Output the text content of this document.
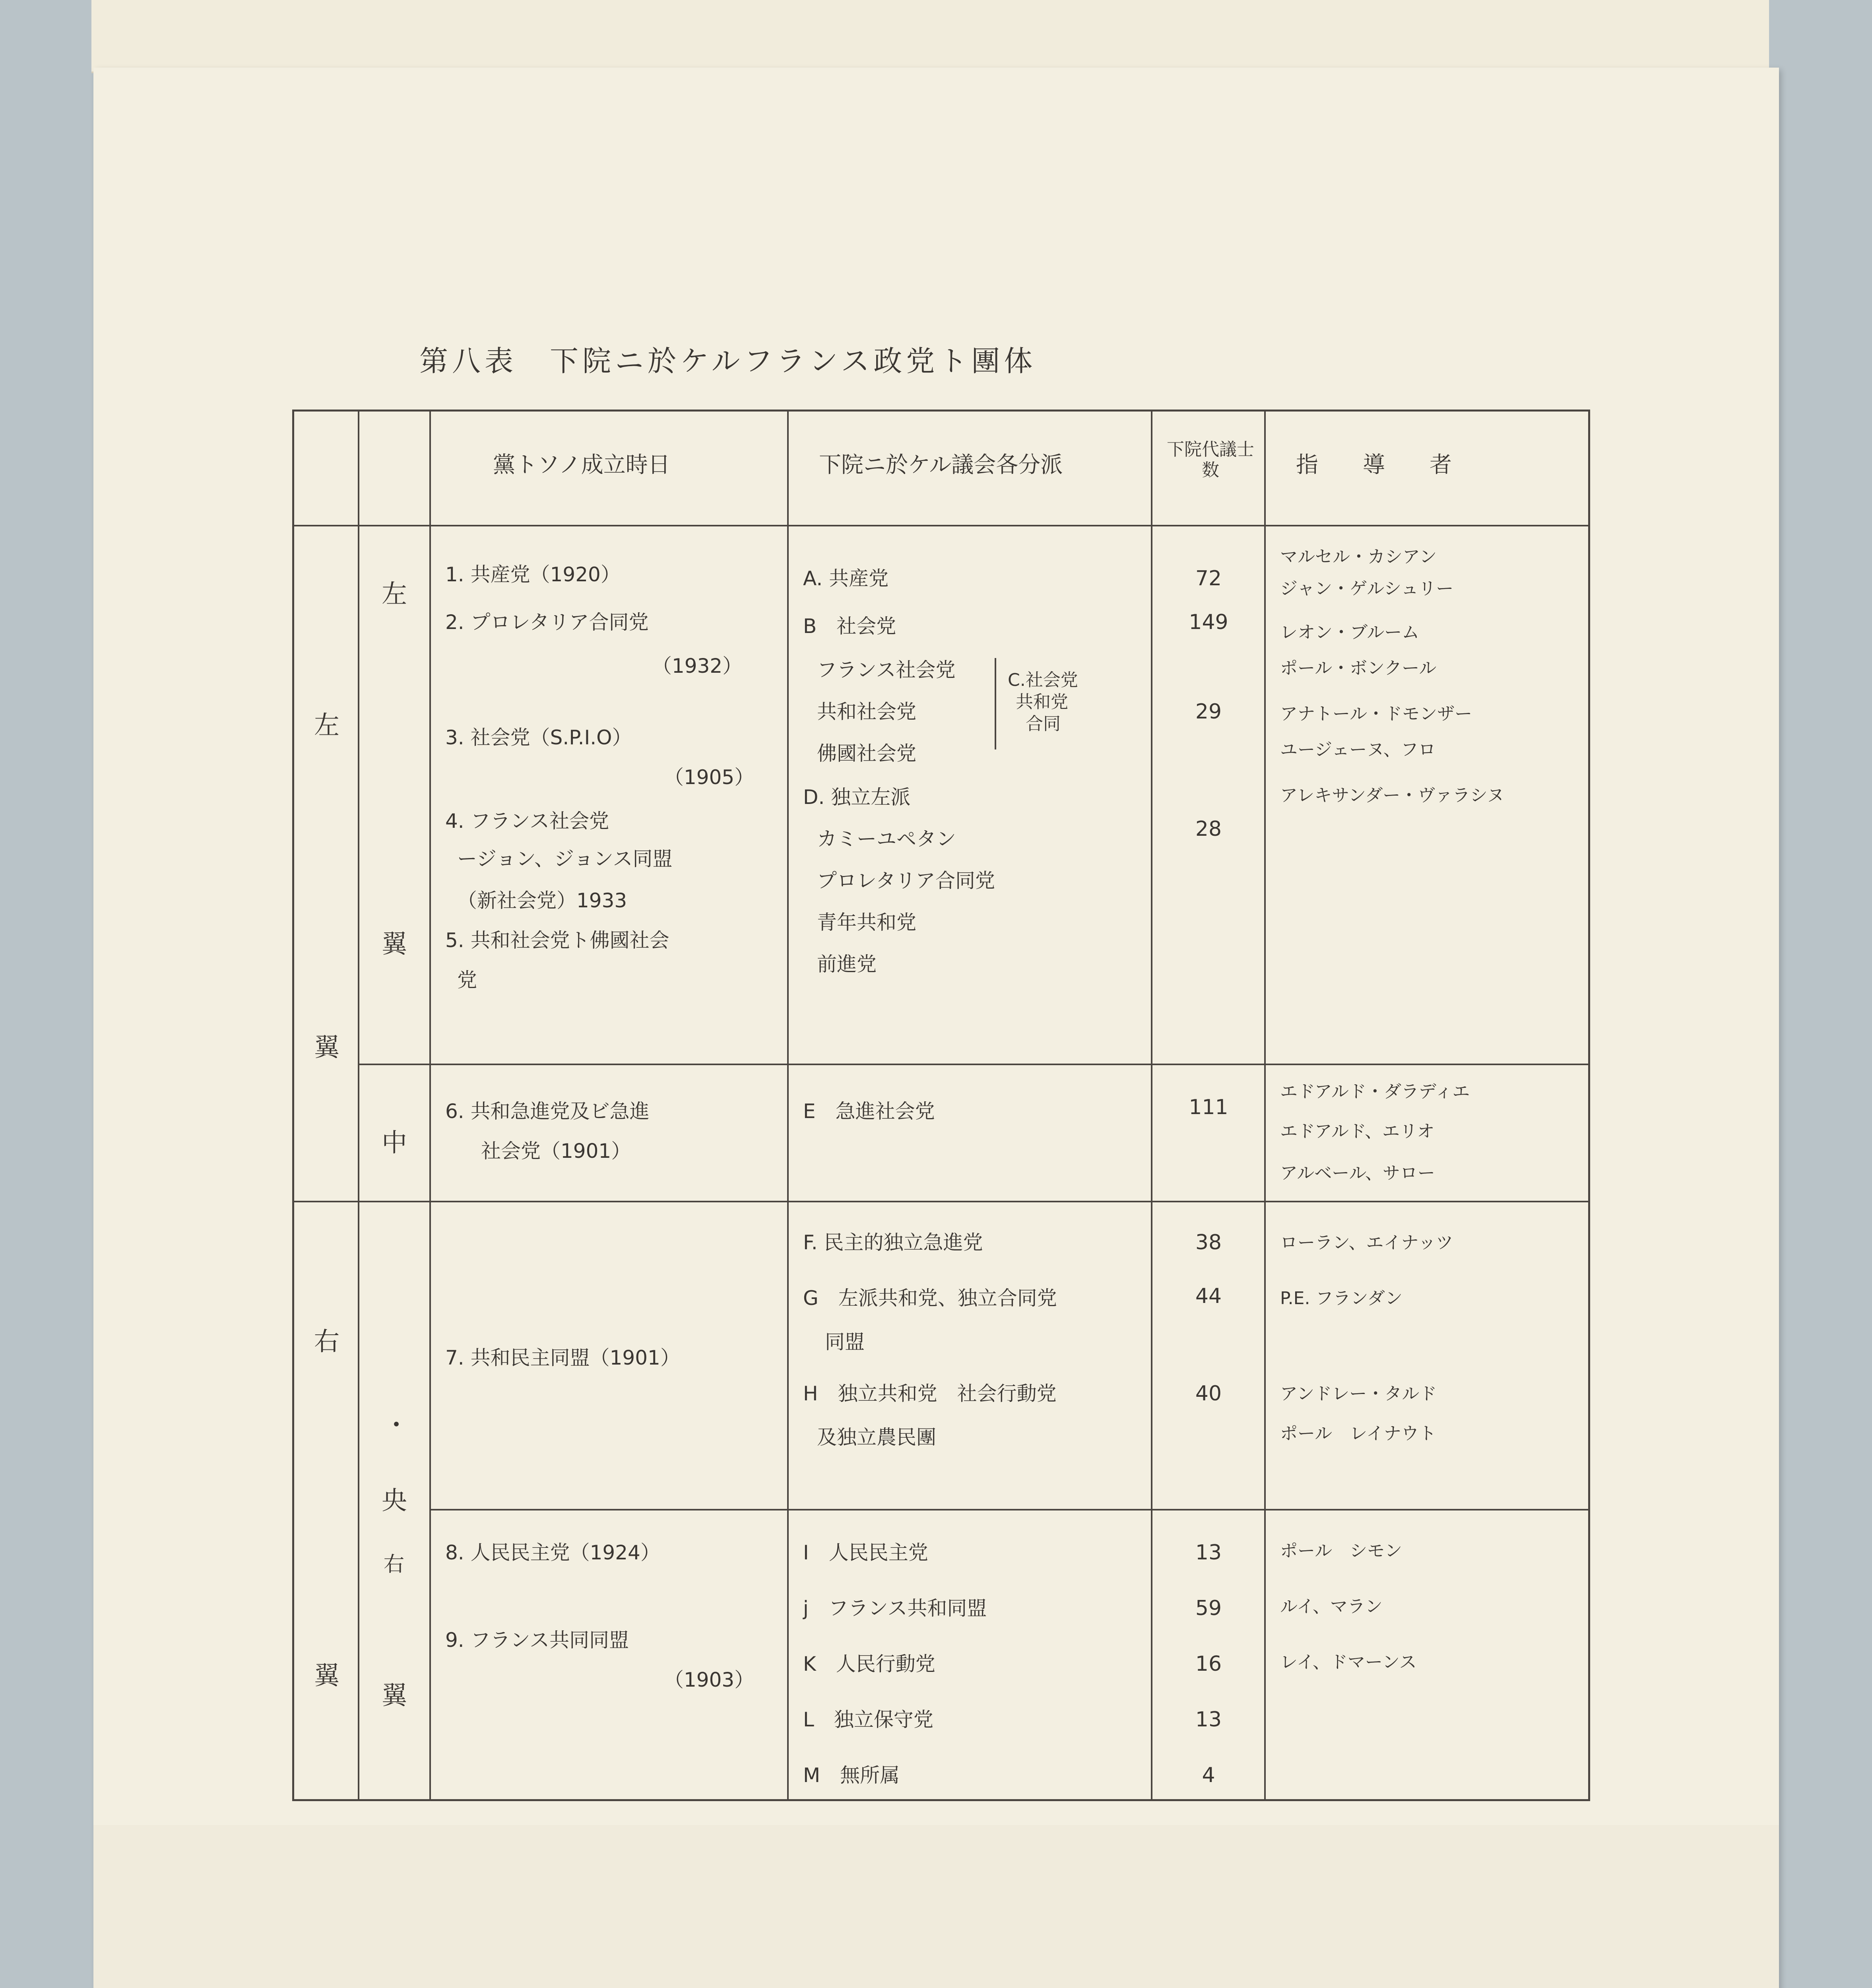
第八表　下院ニ於ケルフランス政党ト團体
黨トソノ成立時日	下院ニ於ケル議会各分派
下院代議士数	指　　導　　者
左
翼
右
翼
左
翼
中
・
央
右
翼
1. 共産党（1920）
2. プロレタリア合同党
（1932）
3. 社会党（S.P.I.O）
（1905）
4. フランス社会党
ージョン、ジョンス同盟
（新社会党）1933
5. 共和社会党ト佛國社会
党
6. 共和急進党及ビ急進
社会党（1901）
7. 共和民主同盟（1901）
8. 人民民主党（1924）
9. フランス共同同盟
（1903）
A. 共産党
B　社会党
フランス社会党
共和社会党
佛國社会党
C.社会党
共和党
合同
D. 独立左派
カミーユペタン
プロレタリア合同党
青年共和党
前進党
E　急進社会党
F. 民主的独立急進党
G　左派共和党、独立合同党
同盟
H　独立共和党　社会行動党
及独立農民團
I　人民民主党
j　フランス共和同盟
K　人民行動党
L　独立保守党
M　無所属
72
149
29
28
111
38
44
40
13
59
16
13
4
マルセル・カシアン
ジャン・ゲルシュリー
レオン・ブルーム
ポール・ボンクール
アナトール・ドモンザー
ユージェーヌ、フロ
アレキサンダー・ヴァラシヌ
エドアルド・ダラディエ
エドアルド、エリオ
アルベール、サロー
ローラン、エイナッツ
P.E. フランダン
アンドレー・タルド
ポール　レイナウト
ポール　シモン
ルイ、マラン
レイ、ドマーンス
